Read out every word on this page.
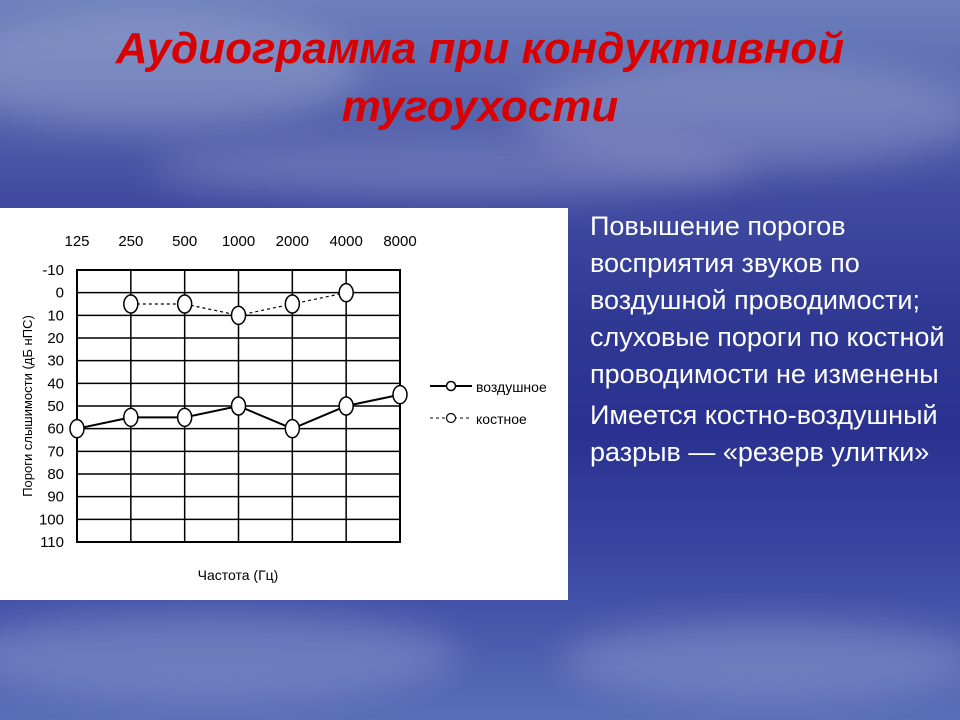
Аудиограмма при кондуктивной
тугоухости
125 250 500 1000 2000 4000 8000
-10
0
10
20
30
40
50
60
70
80
90
100
110
воздушное
костное
Пороги слышимости (дБ нПС)
Частота (Гц)

Повышение порогов восприятия звуков по воздушной проводимости; слуховые пороги по костной проводимости не изменены

Имеется костно-воздушный разрыв — «резерв улитки»
